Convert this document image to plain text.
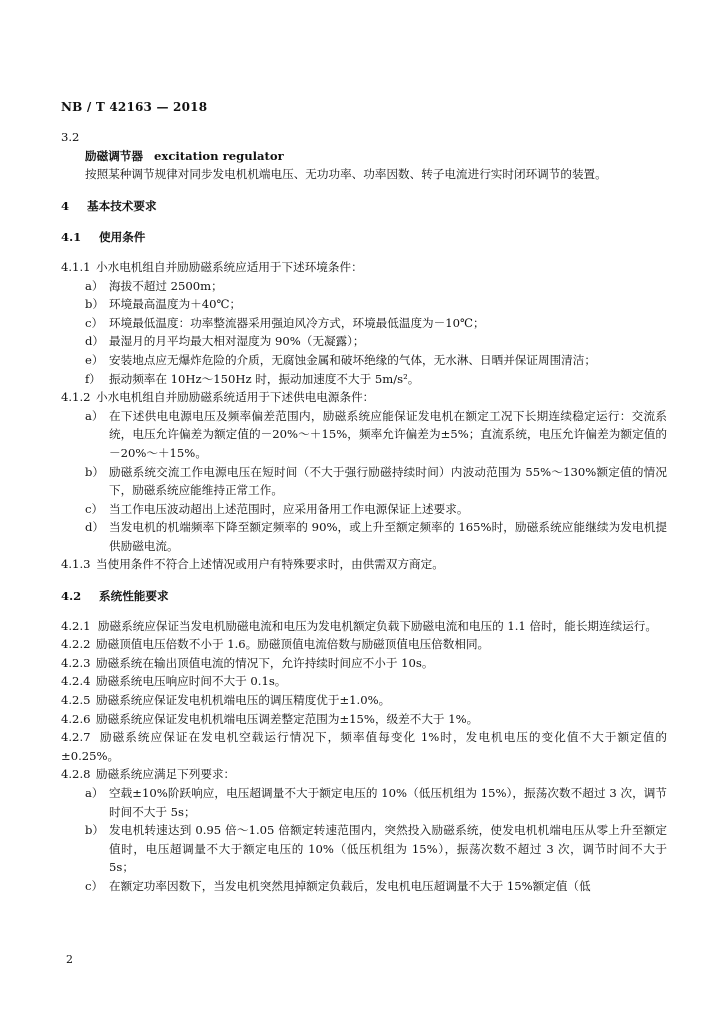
NB / T 42163 — 2018
3.2
励磁调节器 excitation regulator
按照某种调节规律对同步发电机机端电压、无功功率、功率因数、转子电流进行实时闭环调节的装置。
4 基本技术要求
4.1 使用条件
4.1.1 小水电机组自并励励磁系统应适用于下述环境条件：
a） 海拔不超过 2500m；
b） 环境最高温度为＋40℃；
c） 环境最低温度：功率整流器采用强迫风冷方式，环境最低温度为－10℃；
d） 最湿月的月平均最大相对湿度为 90%（无凝露）；
e） 安装地点应无爆炸危险的介质，无腐蚀金属和破坏绝缘的气体，无水淋、日晒并保证周围清洁；
f） 振动频率在 10Hz～150Hz 时，振动加速度不大于 5m/s²。
4.1.2 小水电机组自并励励磁系统适用于下述供电电源条件：
a） 在下述供电电源电压及频率偏差范围内，励磁系统应能保证发电机在额定工况下长期连续稳定运行：交流系统，电压允许偏差为额定值的－20%～＋15%，频率允许偏差为±5%；直流系统，电压允许偏差为额定值的－20%～＋15%。
b） 励磁系统交流工作电源电压在短时间（不大于强行励磁持续时间）内波动范围为 55%～130%额定值的情况下，励磁系统应能维持正常工作。
c） 当工作电压波动超出上述范围时，应采用备用工作电源保证上述要求。
d） 当发电机的机端频率下降至额定频率的 90%，或上升至额定频率的 165%时，励磁系统应能继续为发电机提供励磁电流。
4.1.3 当使用条件不符合上述情况或用户有特殊要求时，由供需双方商定。
4.2 系统性能要求
4.2.1 励磁系统应保证当发电机励磁电流和电压为发电机额定负载下励磁电流和电压的 1.1 倍时，能长期连续运行。
4.2.2 励磁顶值电压倍数不小于 1.6。励磁顶值电流倍数与励磁顶值电压倍数相同。
4.2.3 励磁系统在输出顶值电流的情况下，允许持续时间应不小于 10s。
4.2.4 励磁系统电压响应时间不大于 0.1s。
4.2.5 励磁系统应保证发电机机端电压的调压精度优于±1.0%。
4.2.6 励磁系统应保证发电机机端电压调差整定范围为±15%，级差不大于 1%。
4.2.7 励磁系统应保证在发电机空载运行情况下，频率值每变化 1%时，发电机电压的变化值不大于额定值的±0.25%。
4.2.8 励磁系统应满足下列要求：
a） 空载±10%阶跃响应，电压超调量不大于额定电压的 10%（低压机组为 15%），振荡次数不超过 3 次，调节时间不大于 5s；
b） 发电机转速达到 0.95 倍～1.05 倍额定转速范围内，突然投入励磁系统，使发电机机端电压从零上升至额定值时，电压超调量不大于额定电压的 10%（低压机组为 15%），振荡次数不超过 3 次，调节时间不大于 5s；
c） 在额定功率因数下，当发电机突然甩掉额定负载后，发电机电压超调量不大于 15%额定值（低
2
